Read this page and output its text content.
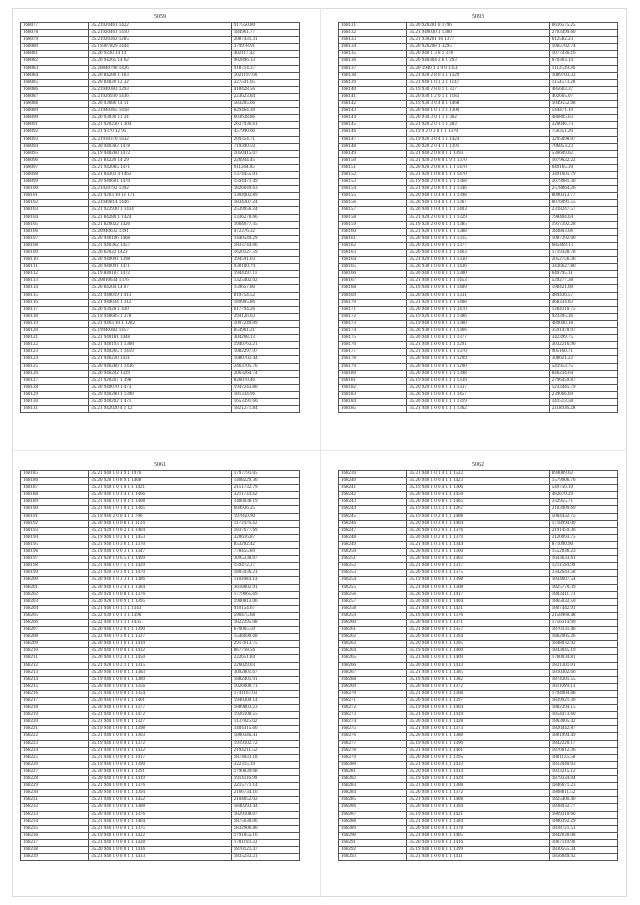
5059
168077	35.21920461 1422	917550.80
168078	35.21920461 1410	184961.77
168079	35.21920302 1285	2087431.31
168080	35.19307829 1444	379978.91
168081	35.20 9230 14 14	402117.42
168082	35.20 94265 14 62	902896.13
168083	35.20840796 1426	918714.37
168084	35.20 84280 1 163	1021197.66
168085	35.20 84020 12 32	227541.05
168086	35.21940383 1293	418428.56
168087	35.21920930 1436	223623.84
168088	35.20 93086 14 11	583205.66
168089	35.21940365 1418	829464.30
168090	35.20 93030 11 34	603638.86
168091	35.21 920230 1 304	2637936.61
168092	35.21 9370 12 95	457990.06
168093	35.21930370 1432	209354.71
168094	35.20 940383 1478	719390.59
168095	35.19 940260 1472	1050415.07
168096	35.21 84220 14 29	226944.45
168097	35.21 942005 1471	911264.05
168098	35.21 84203 4 1463	1374455.01
168099	35.29 940601 1470	1594471.49
168100	35.21920792 1392	1826049.63
168101	35.21 9203 10 11 171	1304902.89
168102	35.21940814 1446	1834307.24
168103	35.21 922930 1 1434	2539956.34
168104	35.21 84280 1 1424	1336278.66
168105	35.21 820022 1426	1664077.35
168106	35.20940632 1391	472376.32
168107	35.20 940106 1468	1440549.29
168108	35.21 940362 1457	1833744.06
168109	35.20 82022 1423	1620127.59
168110	35.20 940091 1398	394591.03
168111	35.20 940091 1471	930100.79
168112	35.19 840107 1472	1944397.11
168113	35.20810634 1376	1325402.02
168114	35.20 84204 14 07	159657.80
168115	35.21 940019 1 413	819754.52
168116	35.21 940034 1 312	189905.86
168117	35.20 93928 1 430	617794.26
168118	35.19 940605 1 378	394126.03
168119	35.21 9403 10 1 1282	1097249.09
168120	35.19940382 1457	854961.21
168121	35.21 940181 1448	304208.13
168122	35.21 940193 1 1368	1940763.21
168123	35.21 940265 1 1419	1082297.97
168124	35.21 940220 1431	1080702.44
168125	35.20 940280 1 1436	2463705.76
168126	35.20 940202 1329	2063264.74
168127	35.21 920207 1 398	826070.46
168128	35.20 940070 1 473	1947243.80
168129	35.20 940280 1 1398	181334.96
168130	35.20 940202 1 471	1653391.60
168131	35.21 942020 4 1 12	1821271.84
5093
168131	35.20 920201 8 1796	6616575.25
168132	35.21 940030 1 1300	2703499.60
168133	35.21 930201 16 1377	612582.23
168134	35.20 920208 1 3295	1065702.74
168135	35.20 940 1 3 8 1 378	1077436.16
168136	35.20 940304 2 8 1 293	670303.14
168137	35.20 1940 1 2 9 0 1351	1112539.36
168138	35.21 920 2 8 0 3 1 1329	1089703.32
168139	35.21 940 1 0 1 3 1 1147	1154573.28
168140	35.19 930 2 8 0 1 1 337	485603.37
168141	35.20 930 1 2 0 1 1 1183	402665.07
168142	35.19 930 3 0 4 8 1 1468	1049552.98
168143	35.20 940 1 0 1 1 1 1300	544471.19
168144	35.20 930 3 0 1 1 1 302	486805.63
168145	35.21 920 2 0 1 1 1 283	320046.73
168146	35.19 9 2 0 2 0 1 1 1370	756351.20
168147	35.19 920 3 0 4 1 1 1424	3295098.07
168148	35.20 920 2 0 4 1 1 1391	706853.23
168149	35.21 940 2 0 8 0 1 1 1393	536609.62
168150	35.21 920 2 0 8 0 1 9 1 1370	1079622.22
168151	35.20 920 2 0 8 0 1 1 1 1470	649165.39
168152	35.21 920 1 0 8 0 1 1 1 1470	3491601.79
168153	35.19 940 2 0 8 0 1 1 1 1368	2079981.30
168154	35.21 940 2 0 8 0 1 1 1 1346	2578864.26
168155	35.20 940 1 0 4 0 1 1 1 1398	8090313.77
168156	35.20 940 1 0 4 0 1 1 1 1367	8076091.55
168157	35.20 940 1 0 4 0 1 1 1 1403	2318247.57
168158	35.21 920 2 0 0 0 1 1 1 1329	798404.64
168159	35.19 920 2 0 0 0 1 1 1 1385	1917392.28
168160	35.21 920 1 0 0 0 1 1 1 1388	384803.66
168161	35.20 940 1 0 0 0 1 1 1 1315	1087392.00
168162	35.20 920 1 0 0 0 1 1 1 1377	685469.13
168163	35.20 940 1 0 0 0 1 1 1 1463	1719328.78
168164	35.21 920 1 0 0 0 1 1 1 1330	2052756.36
168165	35.20 930 1 0 0 0 1 1 1 1436	3436627.80
168166	35.20 940 1 0 0 0 1 1 1 1300	649795.11
168167	35.21 940 1 0 0 0 1 1 1 1453	529277.38
168168	35.19 940 1 0 0 0 1 1 1 1409	198421.00
168169	35.20 940 1 0 0 0 1 1 1 1331	489436.57
168170	35.21 920 1 0 0 0 1 1 1 1408	468334.83
168171	35.20 940 1 0 0 0 1 1 1 1470	1284310.75
168172	35.19 920 1 0 0 0 1 1 1 1386	923395.36
168173	35.19 940 1 0 0 0 1 1 1 1300	489040.18
168174	35.20 930 1 0 0 0 1 1 1 1366	3591470.97
168175	35.20 940 1 0 0 0 1 1 1 1377	342399.75
168176	35.21 940 1 0 0 0 1 1 1 1291	3032216.90
168177	35.21 940 1 0 0 0 1 1 1 1370	905160.71
168178	35.20 940 1 0 0 0 1 1 1 1299	308621.22
168179	35.20 940 1 0 0 0 1 1 1 1290	541953.75
168180	35.20 940 1 0 0 0 1 1 1 1398	846234.64
168181	35.19 940 1 0 0 0 1 1 1 1339	2796459.87
168182	35.20 920 1 0 0 0 1 1 1 1337	1233445.79
168183	35.20 940 1 0 0 0 1 1 1 1457	239066.69
168184	35.20 940 1 0 0 0 1 1 1 1319	341513.58
168185	35.21 940 1 0 0 0 1 1 1 1362	2118936.28
5061
168185	35.21 940 1 0 1 9 1 1976	1797791.05
168186	35.20 920 1 0 8 9 1 1468	1408229.30
168187	35.21 940 1 0 1 0 1 1 1421	2151732.79
168188	35.20 940 1 0 1 4 1 1 1466	3211734.42
168189	35.21 940 1 0 1 0 1 1 1408	1480038.19
168190	35.21 940 1 0 1 0 1 1 1305	694936.25
168191	35.19 940 2 0 0 4 1 1 706	197850.90
168192	35.20 940 1 0 0 8 1 1 1124	1173476.42
168193	35.21 920 1 0 0 2 1 1 1404	1837677.69
168194	35.19 940 1 0 2 6 1 1 1453	320616.87
168195	35.21 940 1 0 3 6 1 1 1370	853202.42
168196	35.19 940 1 0 0 3 1 1 1347	778455.89
168197	35.21 920 1 0 6 5 1 1 1499	3095338.07
168198	35.21 940 1 0 7 5 1 1 1429	159472.27
168199	35.21 920 3 0 3 9 1 1 1470	1805936.21
168200	35.20 940 1 0 3 3 1 1 1386	1182684.14
168201	35.20 940 1 0 2 4 1 1 1384	3618802.91
168202	35.20 920 1 0 0 8 1 1 1376	1779065.69
168203	35.20 920 1 0 0 9 1 1 1395	1900813.06
168204	35.21 940 1 0 1 1 1 1343	910154.67
168205	35.22 930 1 0 1 1 1 1396	590475.68
168206	35.22 940 1 0 1 1 1 1435	1822295.08
168207	35.20 940 1 0 2 0 1 1 1390	670065.50
168208	35.22 940 1 0 3 0 1 1 1327	1546690.68
168209	35.20 940 1 0 1 0 1 1 1419	2917613.75
168210	35.20 940 1 0 0 0 1 1 1432	867718.56
168211	35.20 940 1 0 2 4 1 1 1450	222651.84
168212	35.21 920 1 0 2 1 1 1 1315	226029.03
168213	35.20 940 1 0 0 0 1 1 1383	3092801.67
168214	35.19 940 1 0 0 0 1 1 1389	1882401.91
168215	35.20 940 1 0 0 0 1 1 1356	1026000.71
168216	35.21 940 1 0 0 0 1 1 1354	1741167.03
168217	35.20 940 1 0 0 0 1 1 1401	1940300.14
168218	35.20 940 1 0 0 0 1 1 1377	1889803.23
168219	35.21 940 1 0 0 0 1 1 1472	1926108.55
168220	35.21 940 1 0 0 0 1 1 1327	1137825.02
168221	35.19 940 1 0 0 0 1 1 1398	3404315.60
168222	35.21 940 1 0 0 0 1 1 1303	1800346.41
168223	35.19 940 1 0 0 0 1 1 1372	1919102.72
168224	35.21 940 1 0 0 0 1 1 1432	2194211.52
168225	35.21 940 1 0 0 0 1 1 1417	1874033.18
168226	35.19 940 1 0 0 0 1 1 1390	322315.19
168227	35.20 940 1 0 0 0 1 1 1391	1790839.68
168228	35.20 940 1 0 0 0 1 1 1419	1914116.99
168229	35.21 940 1 0 0 0 1 1 1376	2215771.14
168230	35.20 940 1 0 0 0 1 1 1394	2166734.16
168231	35.21 940 1 0 0 0 1 1 1452	2104052.02
168232	35.20 940 1 0 0 0 1 1 1388	1840393.44
168233	35.20 940 1 0 0 0 1 1 1376	1829108.07
168234	35.21 940 1 0 0 0 1 1 1404	1875038.06
168235	35.21 940 1 0 0 0 1 1 1375	1832906.80
168236	35.19 940 1 0 0 0 1 1 1422	1791055.16
168237	35.21 940 1 0 0 0 1 1 1428	1781193.33
168238	35.20 940 1 0 0 0 1 1 1416	1870121.47
168239	35.21 940 1 0 0 0 1 1 1413	1835233.21
5062
168239	35.21 940 1 0 1 4 1 1 1522	894089.62
168240	35.20 940 1 0 0 4 1 1 1423	1579906.76
168241	35.19 940 1 0 0 4 1 1 1306	549756.10
168242	35.20 940 1 0 0 4 1 1 1456	482670.29
168243	35.20 940 1 0 0 8 1 1 1465	332955.71
168244	35.19 940 1 0 3 3 1 1 1267	2103909.69
168245	35.19 940 1 0 2 0 1 1 1408	5064432.75
168246	35.20 940 1 0 3 0 1 1 1404	1718994.00
168247	35.20 940 1 0 2 0 1 1 1376	2191459.36
168248	35.20 940 1 0 2 0 1 1 1379	3120093.75
168249	35.21 940 1 0 3 0 1 1 1344	871090.90
168250	35.20 940 1 0 2 0 1 1 1360	1552036.23
168251	35.20 940 1 0 0 0 1 1 1402	1643633.61
168252	35.21 940 1 0 0 0 1 1 1317	1211594.99
168253	35.20 940 1 0 0 0 1 1 1375	1342643.58
168254	35.19 940 1 0 0 0 1 1 1398	1834607.54
168255	35.21 940 1 0 0 0 1 1 1308	1825770.39
168256	35.20 940 1 0 0 0 1 1 1417	1803411.73
168257	35.20 940 1 0 0 0 1 1 1404	1865032.50
168258	35.21 940 1 0 0 0 1 1 1431	1807442.91
168259	35.19 940 1 0 0 0 1 1 1376	2158960.48
168260	35.20 940 1 0 0 0 1 1 1371	1756314.99
168261	35.21 940 1 0 0 0 1 1 1357	1870331.46
168262	35.20 940 1 0 0 0 1 1 1394	1862905.26
168263	35.20 940 1 0 0 0 1 1 1395	1848032.92
168264	35.19 940 1 0 0 0 1 1 1400	1843045.19
168265	35.21 940 1 0 0 0 1 1 1409	1760034.81
168266	35.20 940 1 0 0 0 1 1 1413	1821301.01
168267	35.21 940 1 0 0 0 1 1 1385	1810302.66
168268	35.19 940 1 0 0 0 1 1 1382	1874301.55
168269	35.20 940 1 0 0 0 1 1 1372	1811099.13
168270	35.21 940 1 0 0 0 1 1 1368	1794904.88
168271	35.20 940 1 0 0 0 1 1 1397	1839921.30
168272	35.19 940 1 0 0 0 1 1 1404	1882394.15
168273	35.21 940 1 0 0 0 1 1 1419	1854473.60
168274	35.20 940 1 0 0 0 1 1 1428	1863005.42
168275	35.21 940 1 0 0 0 1 1 1373	1820442.87
168276	35.20 940 1 0 0 0 1 1 1388	1801994.49
168277	35.19 940 1 0 0 0 1 1 1396	1842220.17
168278	35.21 940 1 0 0 0 1 1 1401	1870012.36
168279	35.20 940 1 0 0 0 1 1 1395	1801125.58
168280	35.21 940 1 0 0 0 1 1 1433	1812040.03
168281	35.20 940 1 0 0 0 1 1 1414	1833215.12
168282	35.19 940 1 0 0 0 1 1 1429	1879334.04
168283	35.21 940 1 0 0 0 1 1 1388	1846671.23
168284	35.20 940 1 0 0 0 1 1 1372	1808811.52
168285	35.21 940 1 0 0 0 1 1 1408	1825400.40
168286	35.20 940 1 0 0 0 1 1 1394	1838932.77
168287	35.19 940 1 0 0 0 1 1 1421	1869310.66
168288	35.21 940 1 0 0 0 1 1 1384	1800392.29
168289	35.20 940 1 0 0 0 1 1 1378	1818721.51
168290	35.21 940 1 0 0 0 1 1 1405	1842030.08
168291	35.20 940 1 0 0 0 1 1 1416	1867119.96
168292	35.19 940 1 0 0 0 1 1 1399	1830555.34
168293	35.21 940 1 0 0 0 1 1 1411	1856049.92
